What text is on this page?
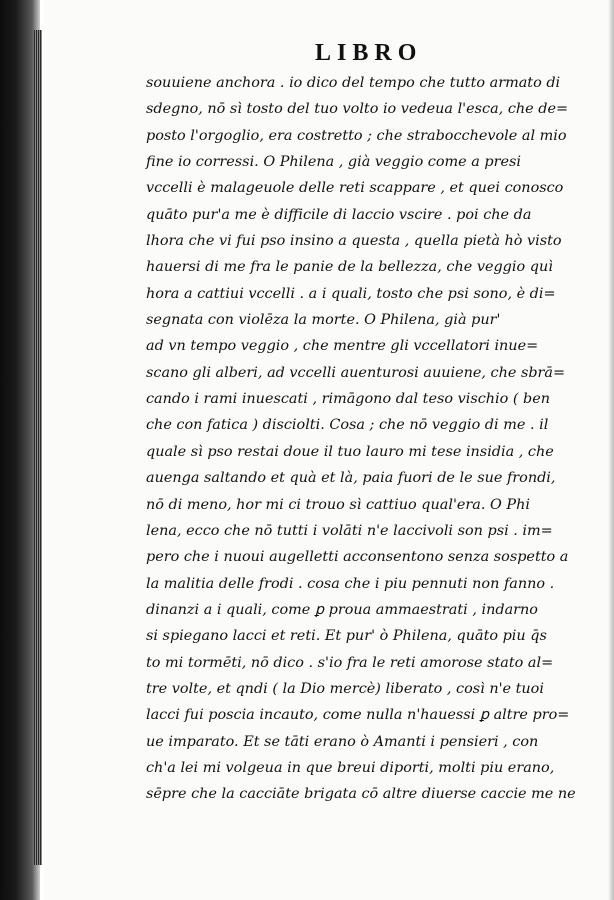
LIBRO
souuiene anchora . io dico del tempo che tutto armato di
sdegno, nō sì tosto del tuo volto io vedeua l'esca, che de=
posto l'orgoglio, era costretto ; che strabocchevole al mio
fine io corressi. O Philena , già veggio come a presi
vccelli è malageuole delle reti scappare , et quei conosco
quāto pur'a me è difficile di laccio vscire . poi che da
lhora che vi fui pso insino a questa , quella pietà hò visto
hauersi di me fra le panie de la bellezza, che veggio quì
hora a cattiui vccelli . a i quali, tosto che psi sono, è di=
segnata con violēza la morte. O Philena, già pur'
ad vn tempo veggio , che mentre gli vccellatori inue=
scano gli alberi, ad vccelli auenturosi auuiene, che sbrā=
cando i rami inuescati , rimāgono dal teso vischio ( ben
che con fatica ) disciolti. Cosa ; che nō veggio di me . il
quale sì pso restai doue il tuo lauro mi tese insidia , che
auenga saltando et quà et là, paia fuori de le sue frondi,
nō di meno, hor mi ci trouo sì cattiuo qual'era. O Phi
lena, ecco che nō tutti i volāti n'e laccivoli son psi . im=
pero che i nuoui augelletti acconsentono senza sospetto a
la malitia delle frodi . cosa che i piu pennuti non fanno .
dinanzi a i quali, come ꝑ proua ammaestrati , indarno
si spiegano lacci et reti. Et pur' ò Philena, quāto piu q̄s
to mi tormēti, nō dico . s'io fra le reti amorose stato al=
tre volte, et qndi ( la Dio mercè) liberato , così n'e tuoi
lacci fui poscia incauto, come nulla n'hauessi ꝑ altre pro=
ue imparato. Et se tāti erano ò Amanti i pensieri , con
ch'a lei mi volgeua in que breui diporti, molti piu erano,
sēpre che la cacciāte brigata cō altre diuerse caccie me ne
